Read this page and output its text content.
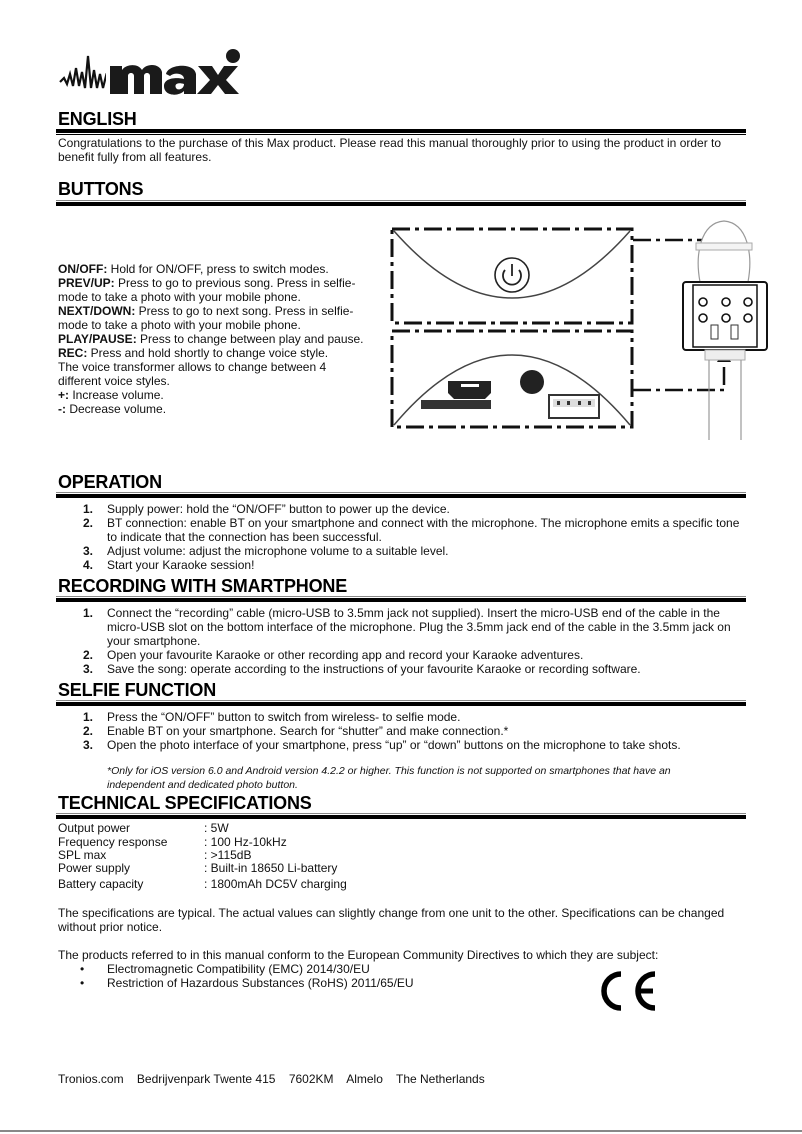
ENGLISH
Congratulations to the purchase of this Max product. Please read this manual thoroughly prior to using the product in order to benefit fully from all features.
BUTTONS
ON/OFF: Hold for ON/OFF, press to switch modes.
PREV/UP: Press to go to previous song. Press in selfie-mode to take a photo with your mobile phone.
NEXT/DOWN: Press to go to next song. Press in selfie-mode to take a photo with your mobile phone.
PLAY/PAUSE: Press to change between play and pause.
REC: Press and hold shortly to change voice style.
The voice transformer allows to change between 4 different voice styles.
+: Increase volume.
-: Decrease volume.
OPERATION
1. Supply power: hold the “ON/OFF” button to power up the device.
2. BT connection: enable BT on your smartphone and connect with the microphone. The microphone emits a specific tone to indicate that the connection has been successful.
3. Adjust volume: adjust the microphone volume to a suitable level.
4. Start your Karaoke session!
RECORDING WITH SMARTPHONE
1. Connect the “recording” cable (micro-USB to 3.5mm jack not supplied). Insert the micro-USB end of the cable in the micro-USB slot on the bottom interface of the microphone. Plug the 3.5mm jack end of the cable in the 3.5mm jack on your smartphone.
2. Open your favourite Karaoke or other recording app and record your Karaoke adventures.
3. Save the song: operate according to the instructions of your favourite Karaoke or recording software.
SELFIE FUNCTION
1. Press the “ON/OFF” button to switch from wireless- to selfie mode.
2. Enable BT on your smartphone. Search for “shutter” and make connection.*
3. Open the photo interface of your smartphone, press “up” or “down” buttons on the microphone to take shots.
*Only for iOS version 6.0 and Android version 4.2.2 or higher. This function is not supported on smartphones that have an independent and dedicated photo button.
TECHNICAL SPECIFICATIONS
Output power	: 5W
Frequency response	: 100 Hz-10kHz
SPL max	: >115dB
Power supply	: Built-in 18650 Li-battery
Battery capacity	: 1800mAh DC5V charging
The specifications are typical. The actual values can slightly change from one unit to the other. Specifications can be changed without prior notice.
The products referred to in this manual conform to the European Community Directives to which they are subject:
• Electromagnetic Compatibility (EMC) 2014/30/EU
• Restriction of Hazardous Substances (RoHS) 2011/65/EU
Tronios.com Bedrijvenpark Twente 415 7602KM Almelo The Netherlands
